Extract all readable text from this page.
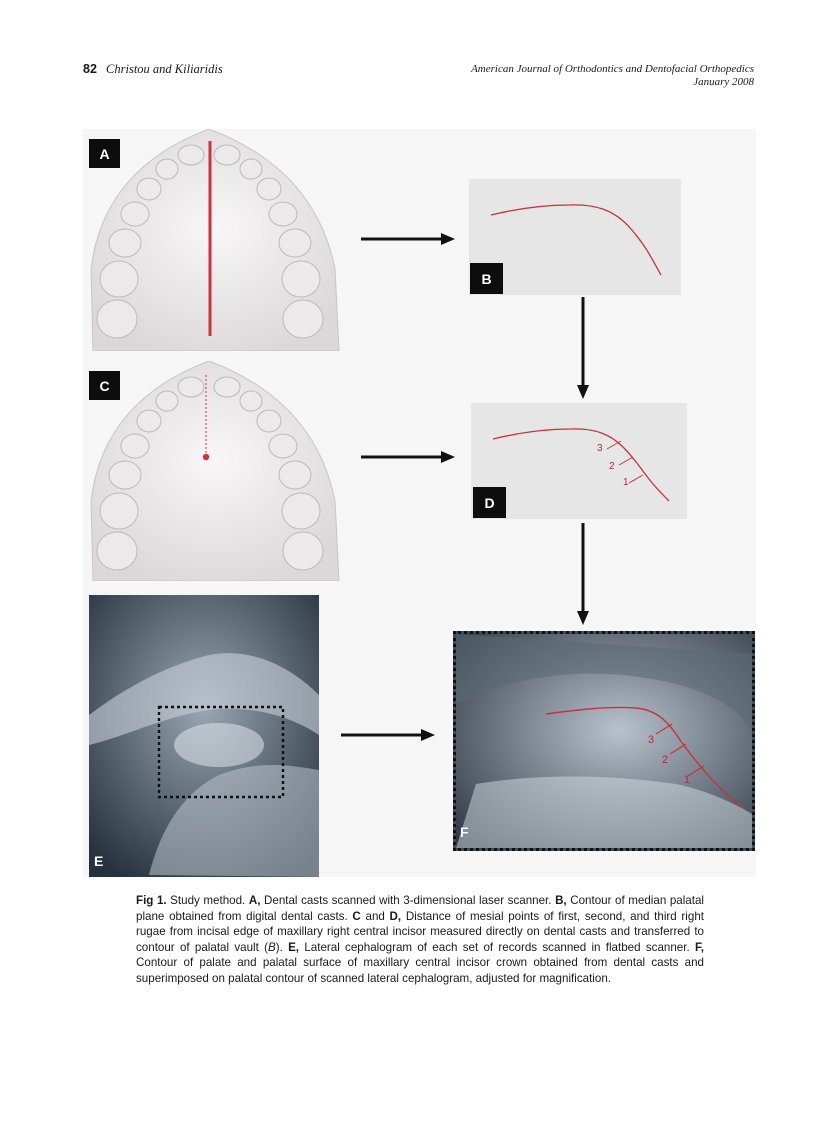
82 Christou and Kiliaridis	American Journal of Orthodontics and Dentofacial Orthopedics
January 2008
A
B
C
3
2
1
D
E
3
2
1
F
Fig 1. Study method. A, Dental casts scanned with 3-dimensional laser scanner. B, Contour of median palatal plane obtained from digital dental casts. C and D, Distance of mesial points of first, second, and third right rugae from incisal edge of maxillary right central incisor measured directly on dental casts and transferred to contour of palatal vault (B). E, Lateral cephalogram of each set of records scanned in flatbed scanner. F, Contour of palate and palatal surface of maxillary central incisor crown obtained from dental casts and superimposed on palatal contour of scanned lateral cephalogram, adjusted for magnification.
